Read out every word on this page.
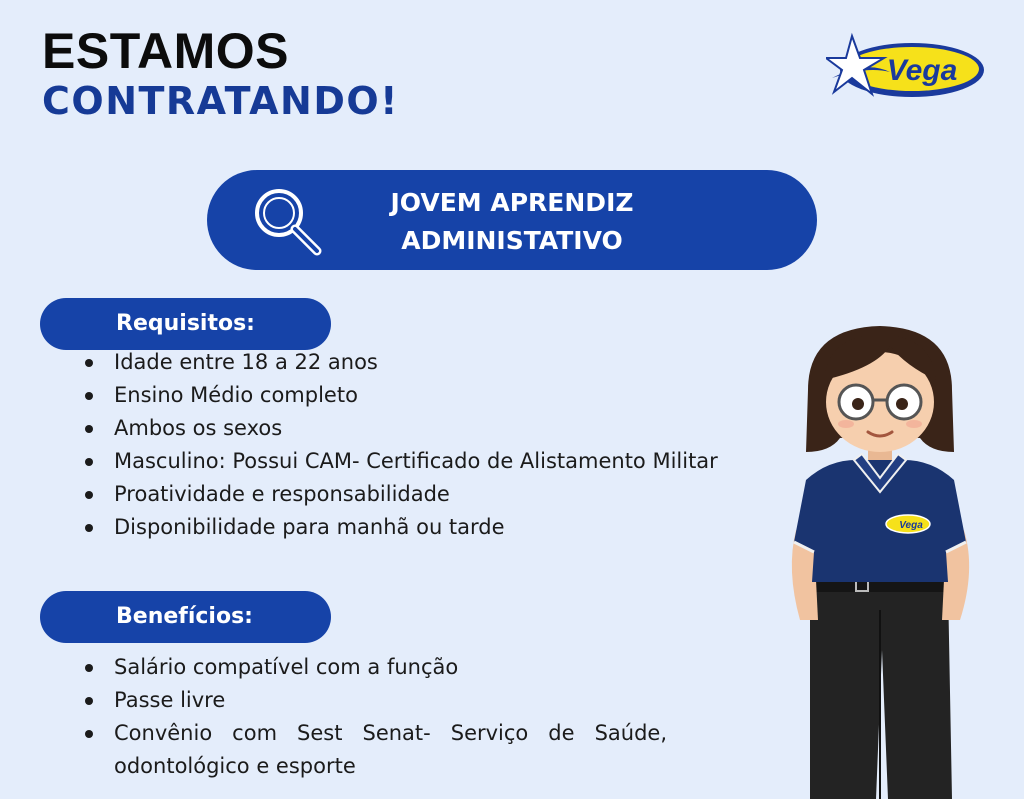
ESTAMOS
CONTRATANDO!
Vega
JOVEM APRENDIZ
ADMINISTATIVO
Requisitos:
Idade entre 18 a 22 anos
Ensino Médio completo
Ambos os sexos
Masculino: Possui CAM- Certificado de Alistamento Militar
Proatividade e responsabilidade
Disponibilidade para manhã ou tarde
Benefícios:
Salário compatível com a função
Passe livre
Convênio com Sest Senat- Serviço de Saúde, odontológico e esporte
Vega
